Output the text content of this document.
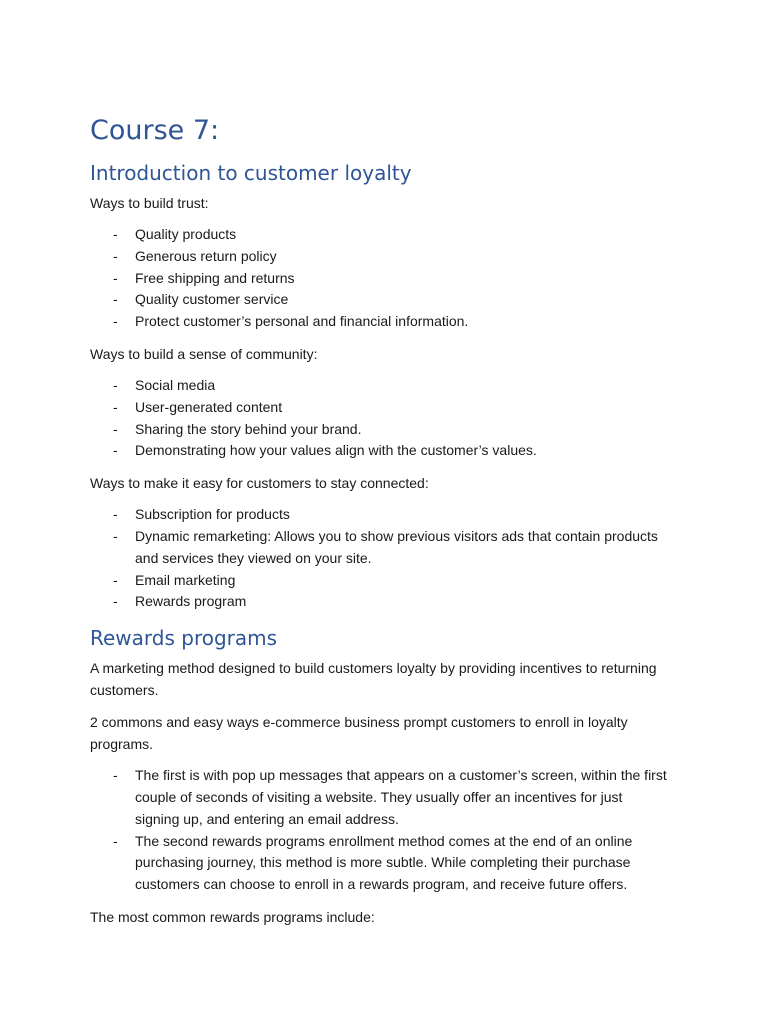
Course 7:
Introduction to customer loyalty

Ways to build trust:

- Quality products
- Generous return policy
- Free shipping and returns
- Quality customer service
- Protect customer’s personal and financial information.

Ways to build a sense of community:

- Social media
- User-generated content
- Sharing the story behind your brand.
- Demonstrating how your values align with the customer’s values.

Ways to make it easy for customers to stay connected:

- Subscription for products
- Dynamic remarketing: Allows you to show previous visitors ads that contain products and services they viewed on your site.
- Email marketing
- Rewards program
Rewards programs

A marketing method designed to build customers loyalty by providing incentives to returning customers.

2 commons and easy ways e-commerce business prompt customers to enroll in loyalty programs.

- The first is with pop up messages that appears on a customer’s screen, within the first couple of seconds of visiting a website. They usually offer an incentives for just signing up, and entering an email address.
- The second rewards programs enrollment method comes at the end of an online purchasing journey, this method is more subtle. While completing their purchase customers can choose to enroll in a rewards program, and receive future offers.

The most common rewards programs include:
